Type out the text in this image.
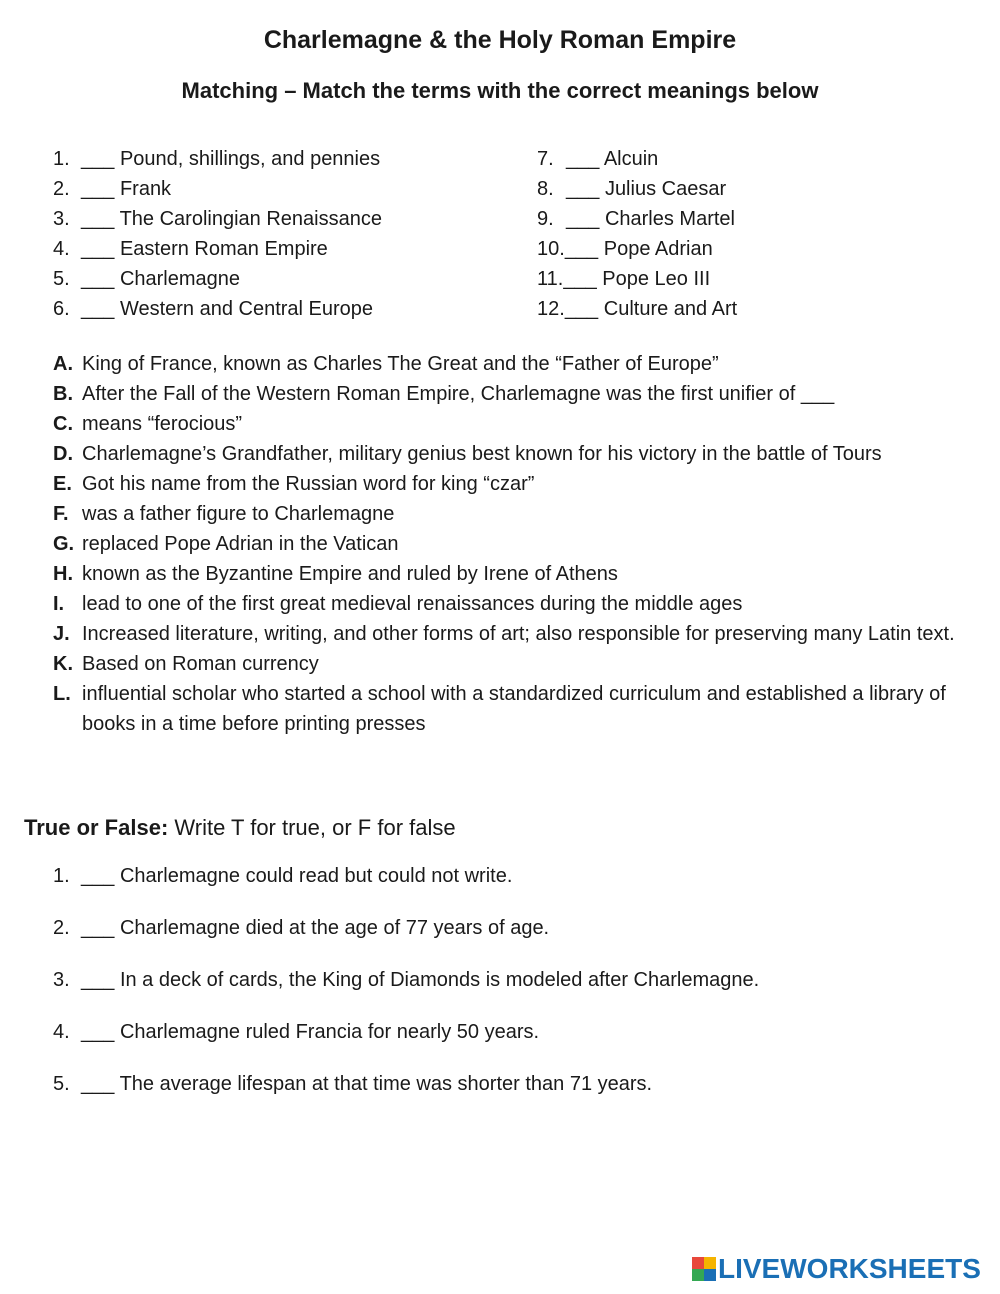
Charlemagne & the Holy Roman Empire
Matching – Match the terms with the correct meanings below
1. ___ Pound, shillings, and pennies
2. ___ Frank
3. ___ The Carolingian Renaissance
4. ___ Eastern Roman Empire
5. ___ Charlemagne
6. ___ Western and Central Europe
7. ___ Alcuin
8. ___ Julius Caesar
9. ___ Charles Martel
10.___ Pope Adrian
11.___ Pope Leo III
12.___ Culture and Art
A. King of France, known as Charles The Great and the “Father of Europe”
B. After the Fall of the Western Roman Empire, Charlemagne was the first unifier of ___
C. means “ferocious”
D. Charlemagne’s Grandfather, military genius best known for his victory in the battle of Tours
E. Got his name from the Russian word for king “czar”
F. was a father figure to Charlemagne
G. replaced Pope Adrian in the Vatican
H. known as the Byzantine Empire and ruled by Irene of Athens
I. lead to one of the first great medieval renaissances during the middle ages
J. Increased literature, writing, and other forms of art; also responsible for preserving many Latin text.
K. Based on Roman currency
L. influential scholar who started a school with a standardized curriculum and established a library of books in a time before printing presses
True or False: Write T for true, or F for false
1. ___ Charlemagne could read but could not write.
2. ___ Charlemagne died at the age of 77 years of age.
3. ___ In a deck of cards, the King of Diamonds is modeled after Charlemagne.
4. ___ Charlemagne ruled Francia for nearly 50 years.
5. ___ The average lifespan at that time was shorter than 71 years.
LIVEWORKSHEETS
